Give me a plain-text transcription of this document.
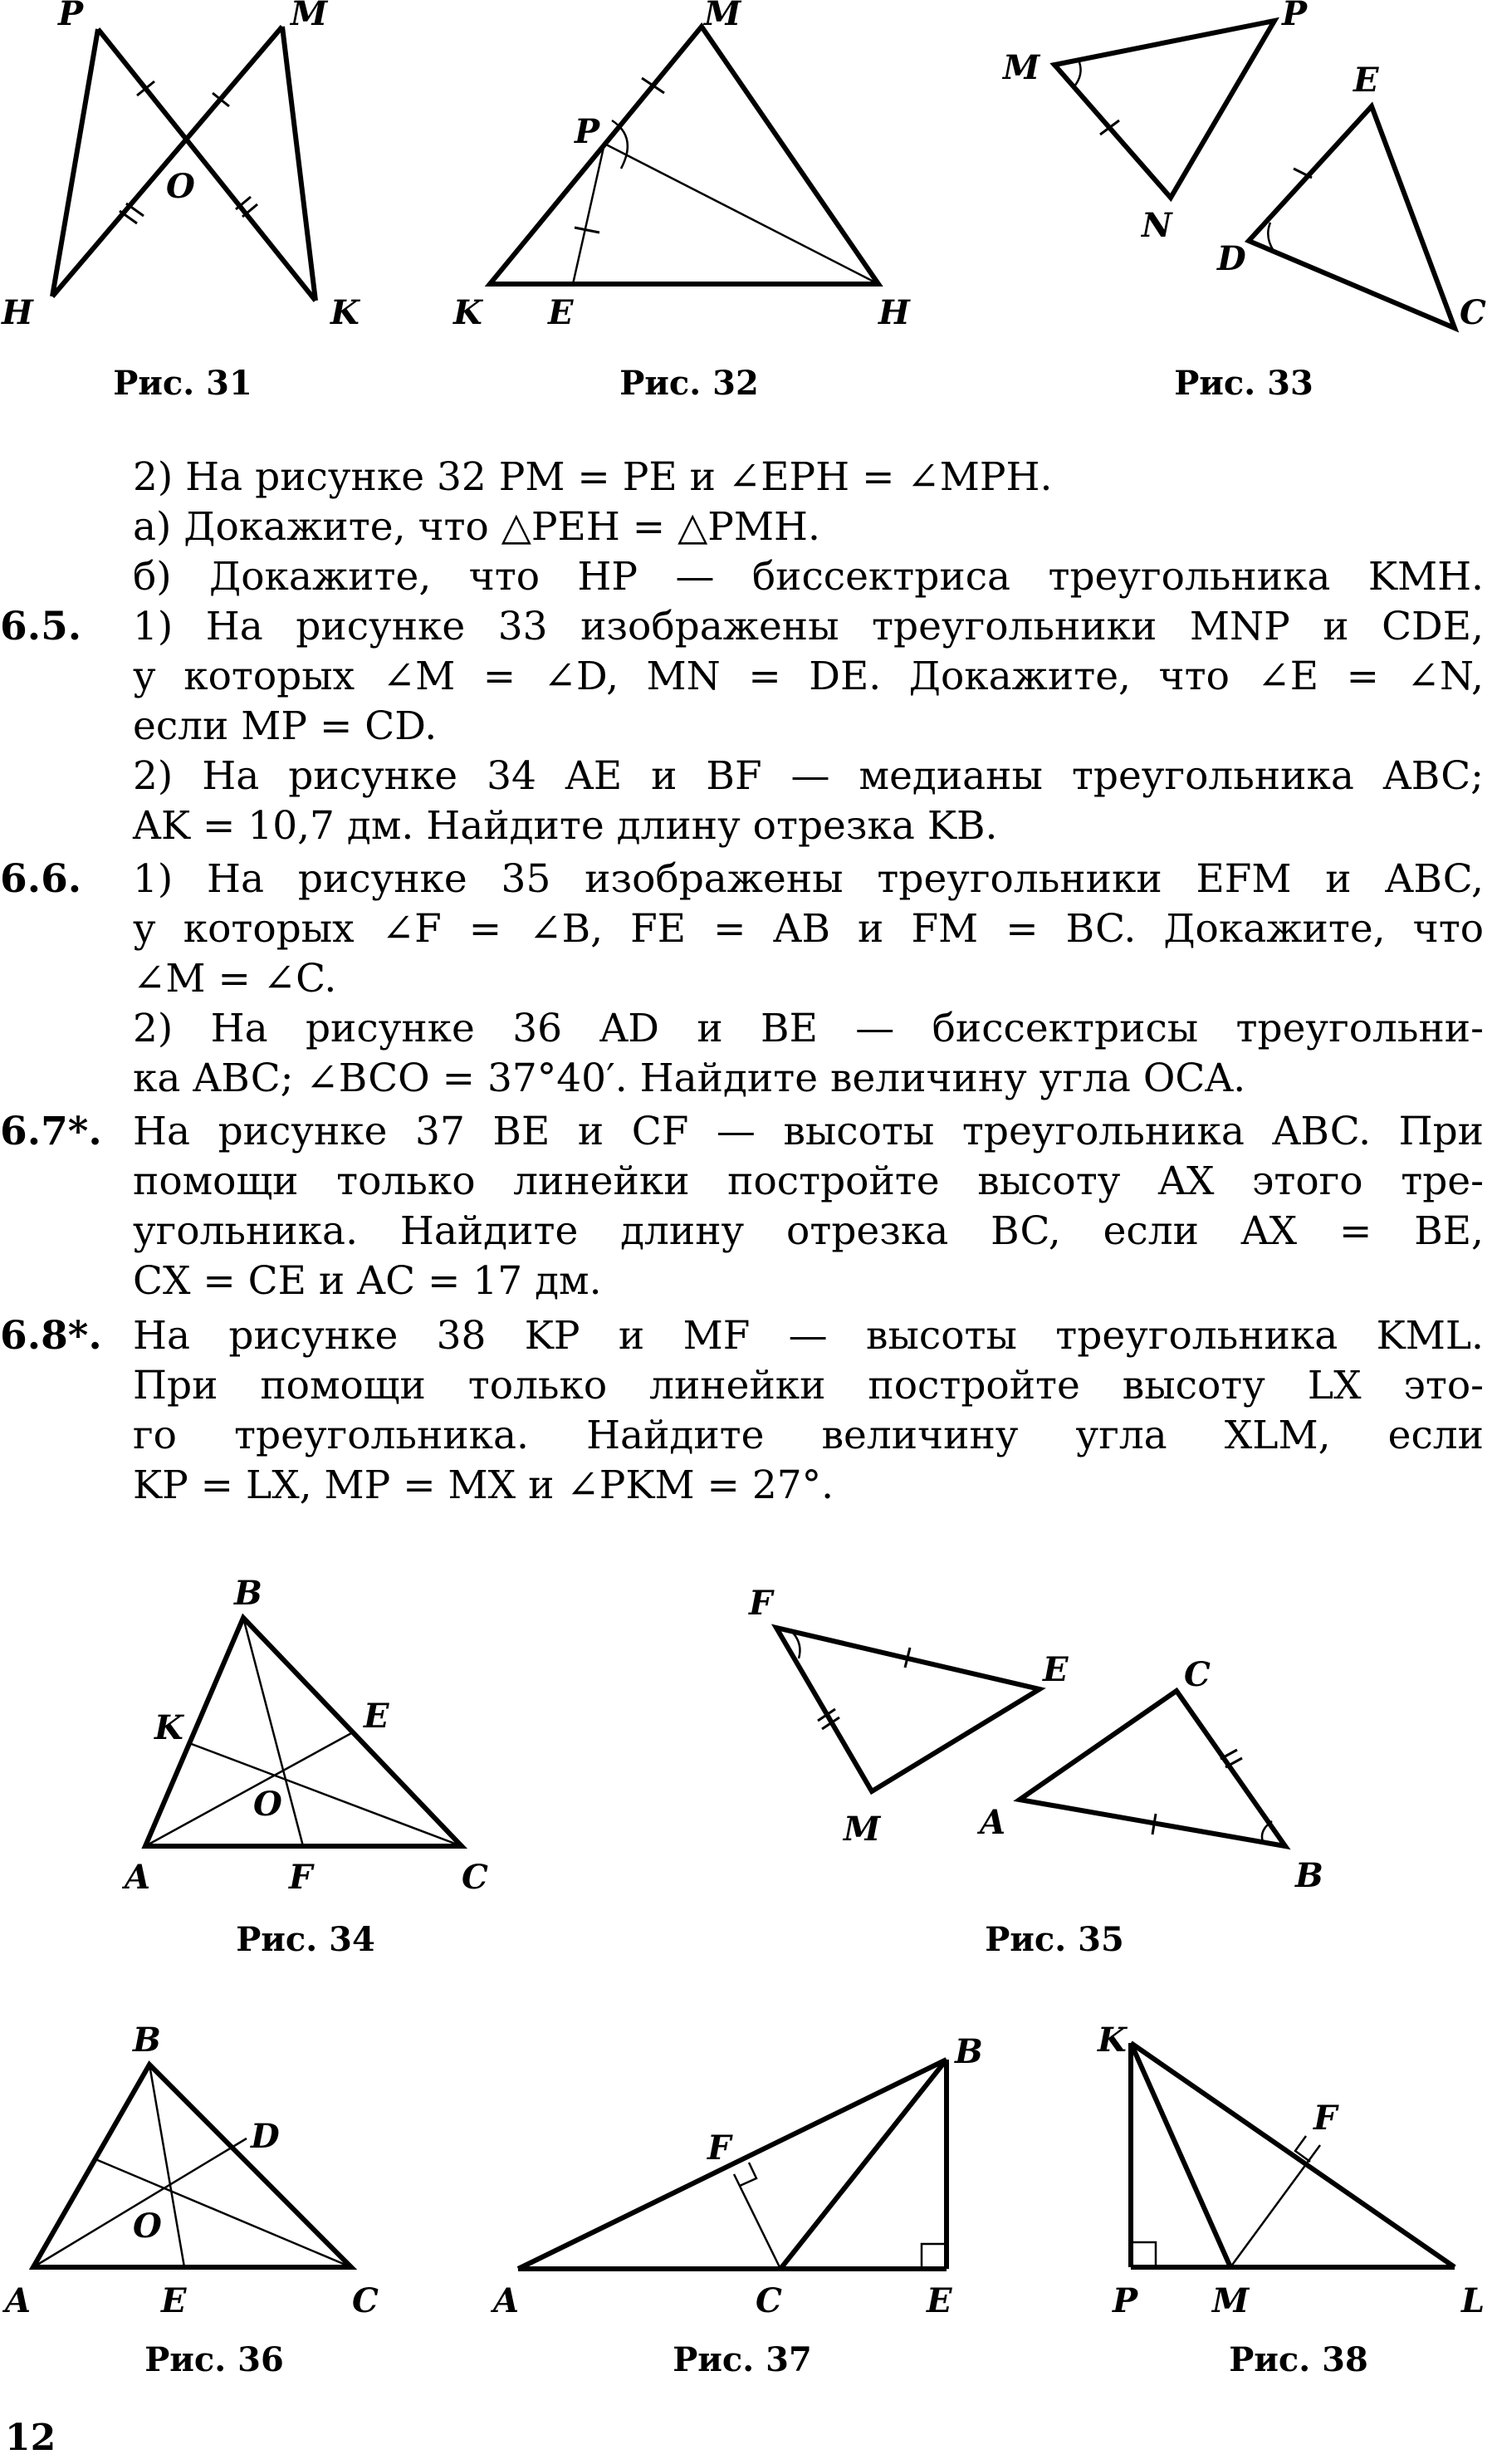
P	M
O
H	K
Рис. 31
M
P
K E	H
Рис. 32
M
P
N
E
D
C
Рис. 33
2) На рисунке 32 PM = PE и ∠EPH = ∠MPH.
а) Докажите, что △PEH = △PMH.
б) Докажите, что HP — биссектриса треугольника KMH.
6.5. 1) На рисунке 33 изображены треугольники MNP и CDE,
у которых ∠M = ∠D, MN = DE. Докажите, что ∠E = ∠N,
если MP = CD.
2) На рисунке 34 AE и BF — медианы треугольника ABC;
AK = 10,7 дм. Найдите длину отрезка KB.
6.6. 1) На рисунке 35 изображены треугольники EFM и ABC,
у которых ∠F = ∠B, FE = AB и FM = BC. Докажите, что
∠M = ∠C.
2) На рисунке 36 AD и BE — биссектрисы треугольни-
ка ABC; ∠BCO = 37°40′. Найдите величину угла OCA.
6.7*. На рисунке 37 BE и CF — высоты треугольника ABC. При
помощи только линейки постройте высоту AX этого тре-
угольника. Найдите длину отрезка BC, если AX = BE,
CX = CE и AC = 17 дм.
6.8*. На рисунке 38 KP и MF — высоты треугольника KML.
При помощи только линейки постройте высоту LX это-
го треугольника. Найдите величину угла XLM, если
KP = LX, MP = MX и ∠PKM = 27°.
B
K	E
O
A	F	C
Рис. 34
F
E
M
C
A
B
Рис. 35
B
D
O
A	E	C
Рис. 36
B
F
A	C	E
Рис. 37
K
F
P M	L
Рис. 38
12
